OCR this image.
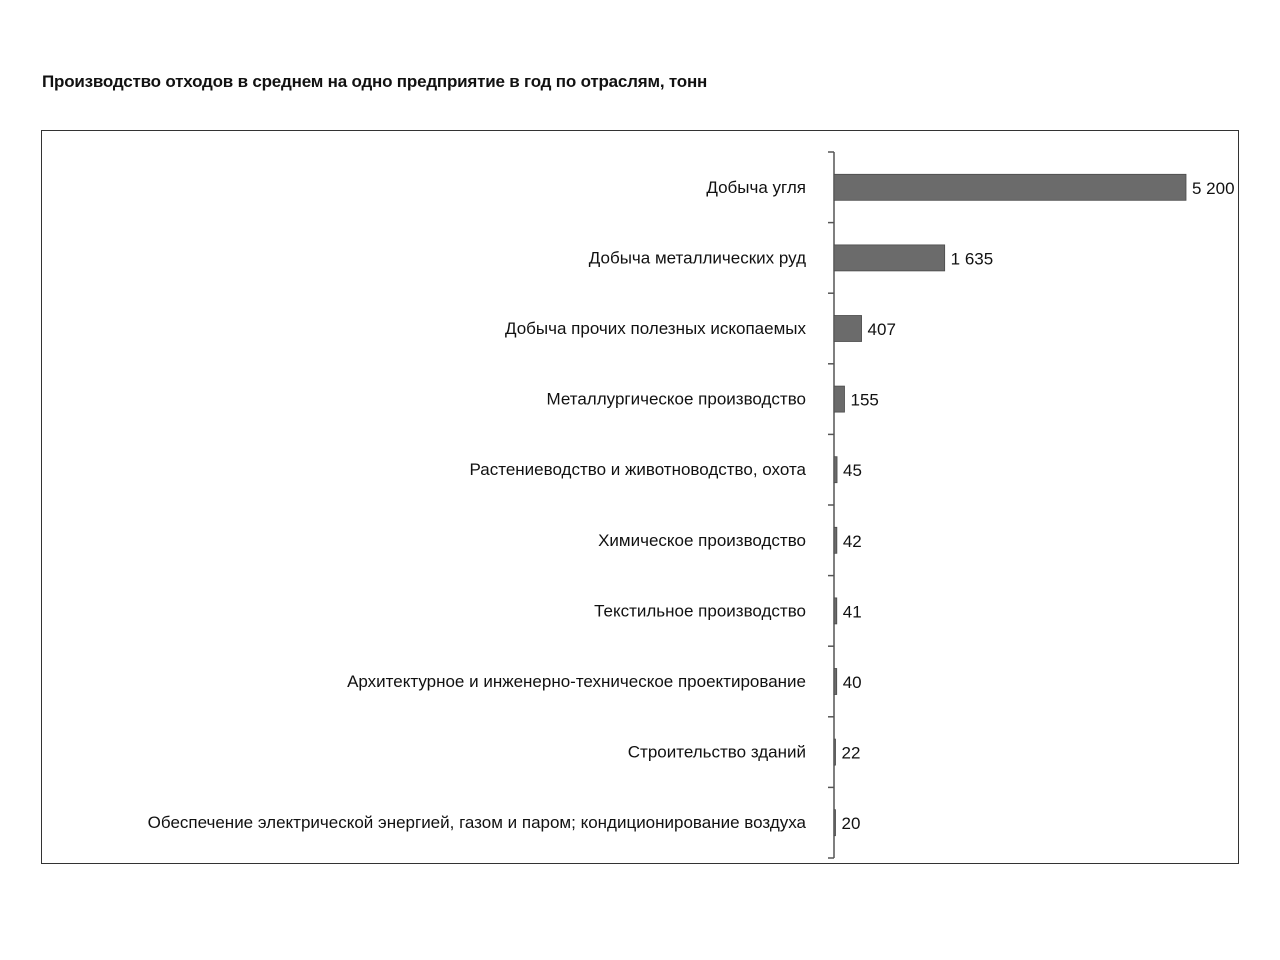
Производство отходов в среднем на одно предприятие в год по отраслям, тонн
Добыча угля	5 200
Добыча металлических руд	1 635
Добыча прочих полезных ископаемых	407
Металлургическое производство	155
Растениеводство и животноводство, охота 45
Химическое производство 42
Текстильное производство 41
Архитектурное и инженерно-техническое проектирование 40
Строительство зданий 22
Обеспечение электрической энергией, газом и паром; кондиционирование воздуха 20
